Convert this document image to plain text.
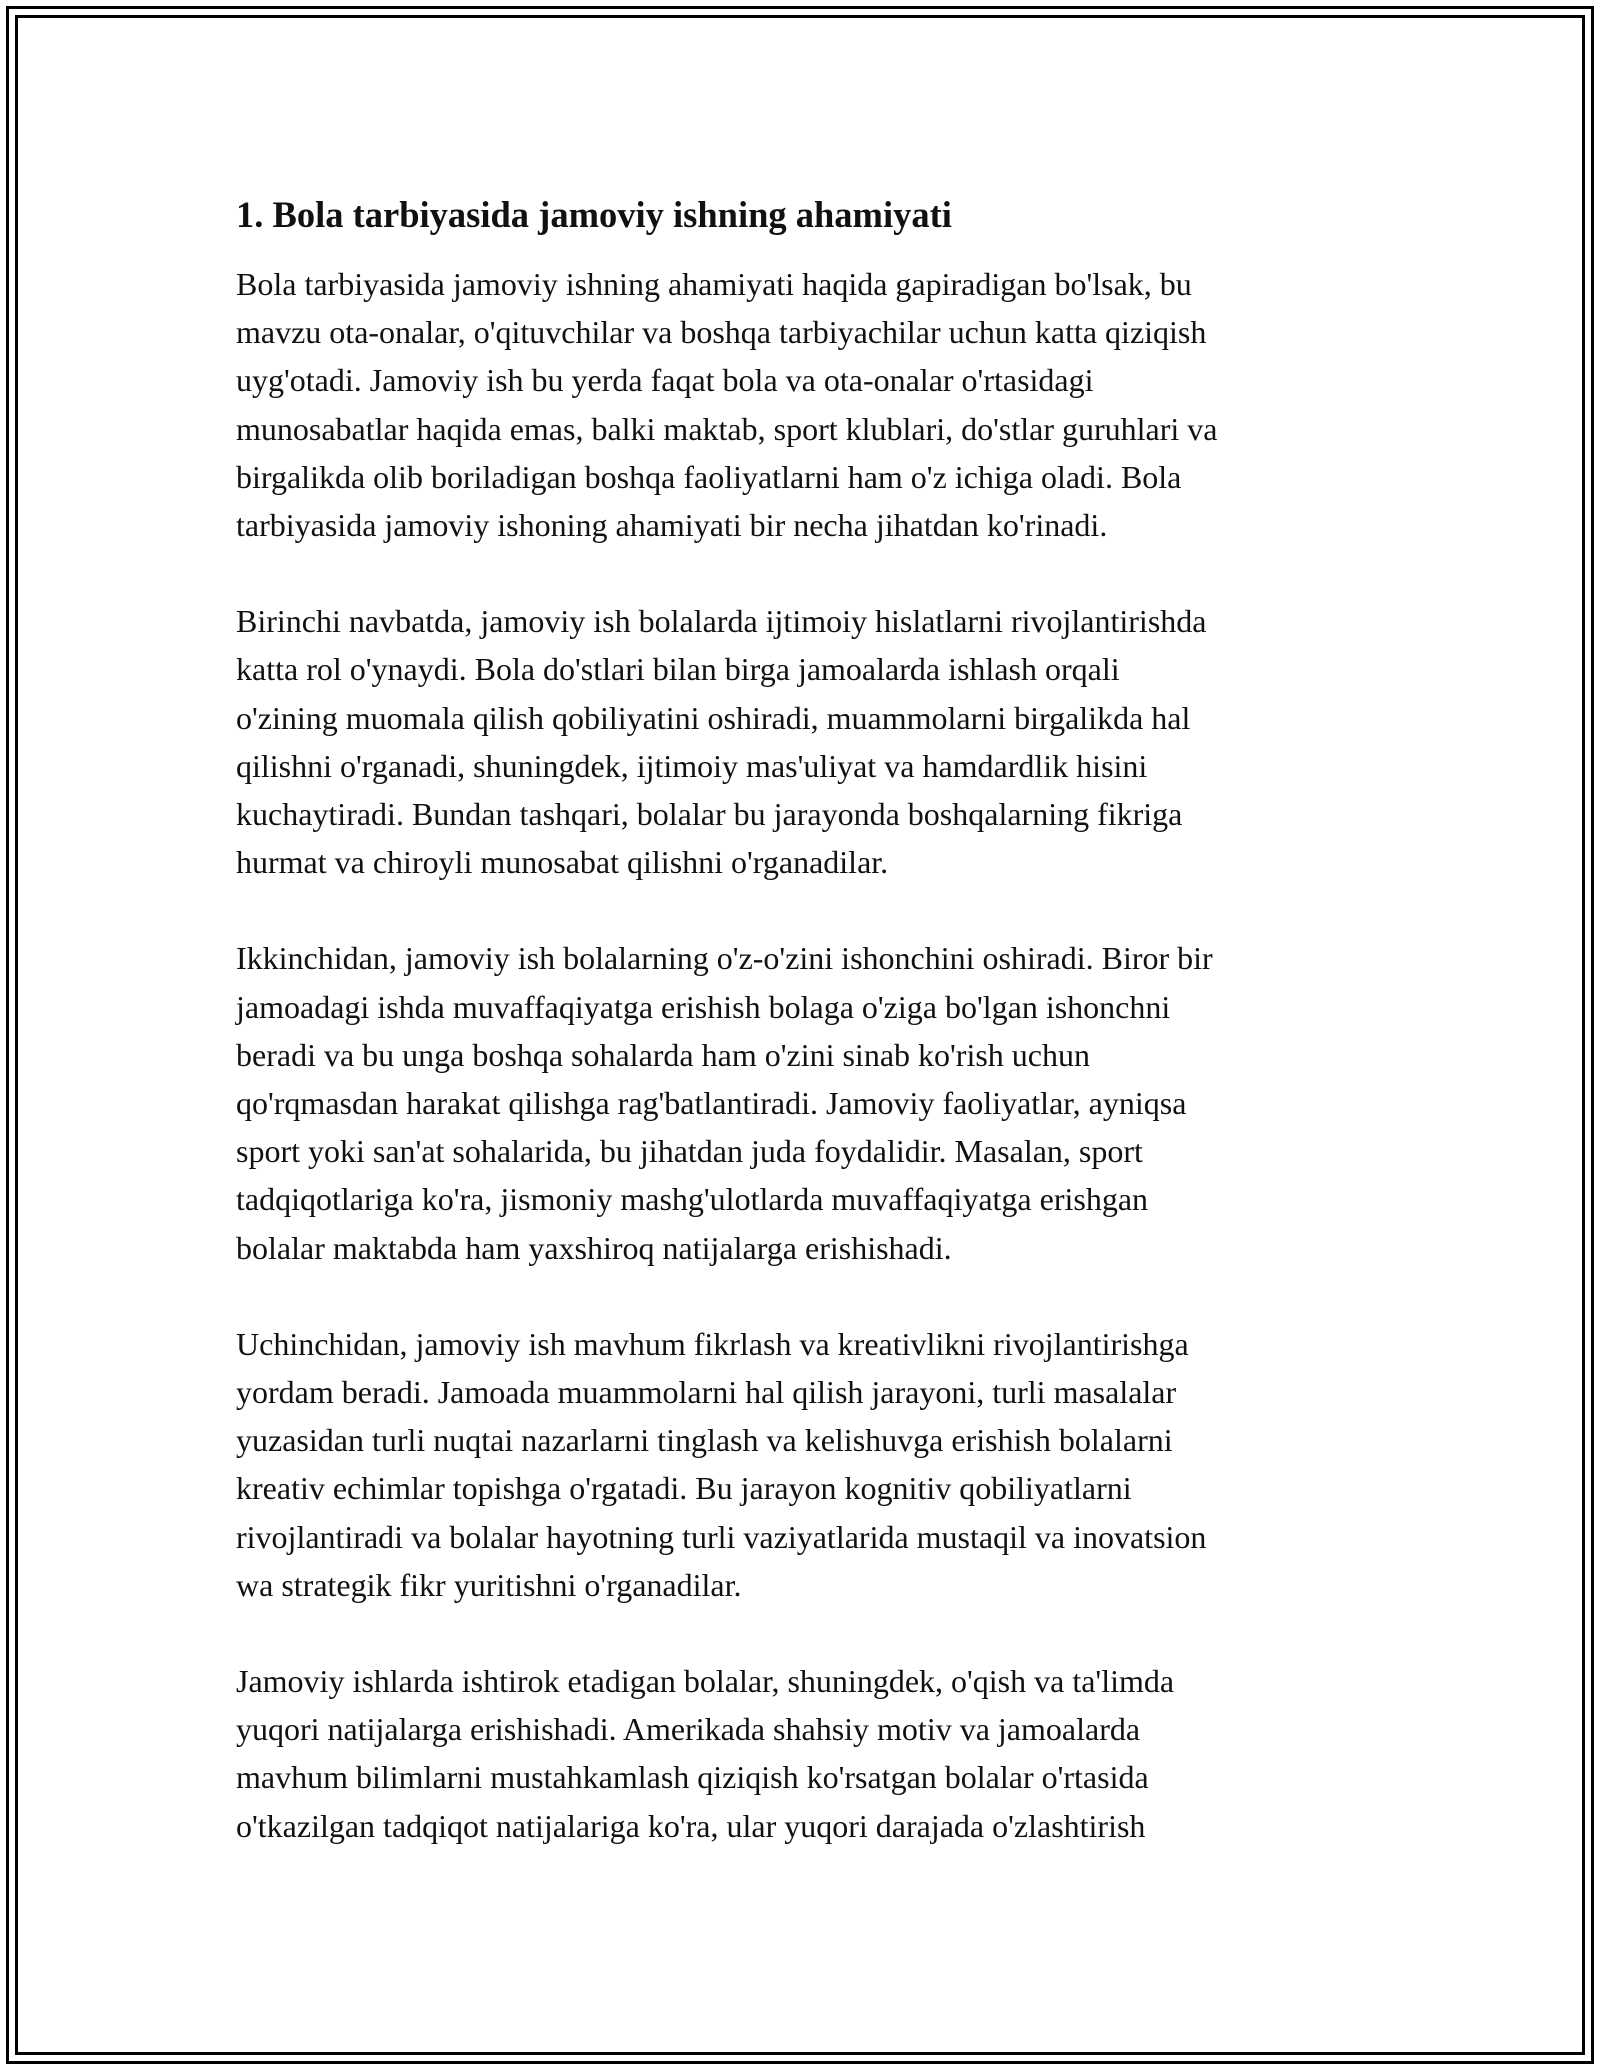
1. Bola tarbiyasida jamoviy ishning ahamiyati

Bola tarbiyasida jamoviy ishning ahamiyati haqida gapiradigan bo'lsak, bu
mavzu ota-onalar, o'qituvchilar va boshqa tarbiyachilar uchun katta qiziqish
uyg'otadi. Jamoviy ish bu yerda faqat bola va ota-onalar o'rtasidagi
munosabatlar haqida emas, balki maktab, sport klublari, do'stlar guruhlari va
birgalikda olib boriladigan boshqa faoliyatlarni ham o'z ichiga oladi. Bola
tarbiyasida jamoviy ishoning ahamiyati bir necha jihatdan ko'rinadi.

Birinchi navbatda, jamoviy ish bolalarda ijtimoiy hislatlarni rivojlantirishda
katta rol o'ynaydi. Bola do'stlari bilan birga jamoalarda ishlash orqali
o'zining muomala qilish qobiliyatini oshiradi, muammolarni birgalikda hal
qilishni o'rganadi, shuningdek, ijtimoiy mas'uliyat va hamdardlik hisini
kuchaytiradi. Bundan tashqari, bolalar bu jarayonda boshqalarning fikriga
hurmat va chiroyli munosabat qilishni o'rganadilar.

Ikkinchidan, jamoviy ish bolalarning o'z-o'zini ishonchini oshiradi. Biror bir
jamoadagi ishda muvaffaqiyatga erishish bolaga o'ziga bo'lgan ishonchni
beradi va bu unga boshqa sohalarda ham o'zini sinab ko'rish uchun
qo'rqmasdan harakat qilishga rag'batlantiradi. Jamoviy faoliyatlar, ayniqsa
sport yoki san'at sohalarida, bu jihatdan juda foydalidir. Masalan, sport
tadqiqotlariga ko'ra, jismoniy mashg'ulotlarda muvaffaqiyatga erishgan
bolalar maktabda ham yaxshiroq natijalarga erishishadi.

Uchinchidan, jamoviy ish mavhum fikrlash va kreativlikni rivojlantirishga
yordam beradi. Jamoada muammolarni hal qilish jarayoni, turli masalalar
yuzasidan turli nuqtai nazarlarni tinglash va kelishuvga erishish bolalarni
kreativ echimlar topishga o'rgatadi. Bu jarayon kognitiv qobiliyatlarni
rivojlantiradi va bolalar hayotning turli vaziyatlarida mustaqil va inovatsion
wa strategik fikr yuritishni o'rganadilar.

Jamoviy ishlarda ishtirok etadigan bolalar, shuningdek, o'qish va ta'limda
yuqori natijalarga erishishadi. Amerikada shahsiy motiv va jamoalarda
mavhum bilimlarni mustahkamlash qiziqish ko'rsatgan bolalar o'rtasida
o'tkazilgan tadqiqot natijalariga ko'ra, ular yuqori darajada o'zlashtirish
